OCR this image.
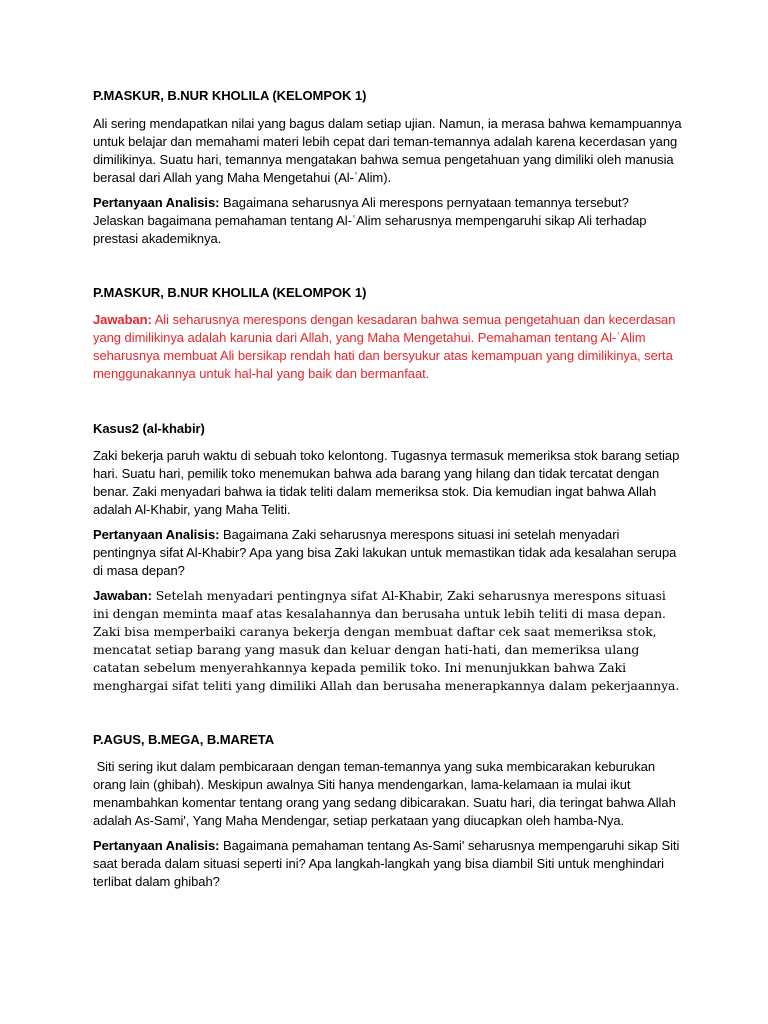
P.MASKUR, B.NUR KHOLILA (KELOMPOK 1)

Ali sering mendapatkan nilai yang bagus dalam setiap ujian. Namun, ia merasa bahwa kemampuannya untuk belajar dan memahami materi lebih cepat dari teman-temannya adalah karena kecerdasan yang dimilikinya. Suatu hari, temannya mengatakan bahwa semua pengetahuan yang dimiliki oleh manusia berasal dari Allah yang Maha Mengetahui (Al-ʿAlim).

Pertanyaan Analisis: Bagaimana seharusnya Ali merespons pernyataan temannya tersebut? Jelaskan bagaimana pemahaman tentang Al-ʿAlim seharusnya mempengaruhi sikap Ali terhadap prestasi akademiknya.

P.MASKUR, B.NUR KHOLILA (KELOMPOK 1)

Jawaban: Ali seharusnya merespons dengan kesadaran bahwa semua pengetahuan dan kecerdasan yang dimilikinya adalah karunia dari Allah, yang Maha Mengetahui. Pemahaman tentang Al-ʿAlim seharusnya membuat Ali bersikap rendah hati dan bersyukur atas kemampuan yang dimilikinya, serta menggunakannya untuk hal-hal yang baik dan bermanfaat.

Kasus2 (al-khabir)

Zaki bekerja paruh waktu di sebuah toko kelontong. Tugasnya termasuk memeriksa stok barang setiap hari. Suatu hari, pemilik toko menemukan bahwa ada barang yang hilang dan tidak tercatat dengan benar. Zaki menyadari bahwa ia tidak teliti dalam memeriksa stok. Dia kemudian ingat bahwa Allah adalah Al-Khabir, yang Maha Teliti.

Pertanyaan Analisis: Bagaimana Zaki seharusnya merespons situasi ini setelah menyadari pentingnya sifat Al-Khabir? Apa yang bisa Zaki lakukan untuk memastikan tidak ada kesalahan serupa di masa depan?

Jawaban: Setelah menyadari pentingnya sifat Al-Khabir, Zaki seharusnya merespons situasi ini dengan meminta maaf atas kesalahannya dan berusaha untuk lebih teliti di masa depan. Zaki bisa memperbaiki caranya bekerja dengan membuat daftar cek saat memeriksa stok, mencatat setiap barang yang masuk dan keluar dengan hati-hati, dan memeriksa ulang catatan sebelum menyerahkannya kepada pemilik toko. Ini menunjukkan bahwa Zaki menghargai sifat teliti yang dimiliki Allah dan berusaha menerapkannya dalam pekerjaannya.

P.AGUS, B.MEGA, B.MARETA

Siti sering ikut dalam pembicaraan dengan teman-temannya yang suka membicarakan keburukan orang lain (ghibah). Meskipun awalnya Siti hanya mendengarkan, lama-kelamaan ia mulai ikut menambahkan komentar tentang orang yang sedang dibicarakan. Suatu hari, dia teringat bahwa Allah adalah As-Sami', Yang Maha Mendengar, setiap perkataan yang diucapkan oleh hamba-Nya.

Pertanyaan Analisis: Bagaimana pemahaman tentang As-Sami' seharusnya mempengaruhi sikap Siti saat berada dalam situasi seperti ini? Apa langkah-langkah yang bisa diambil Siti untuk menghindari terlibat dalam ghibah?
